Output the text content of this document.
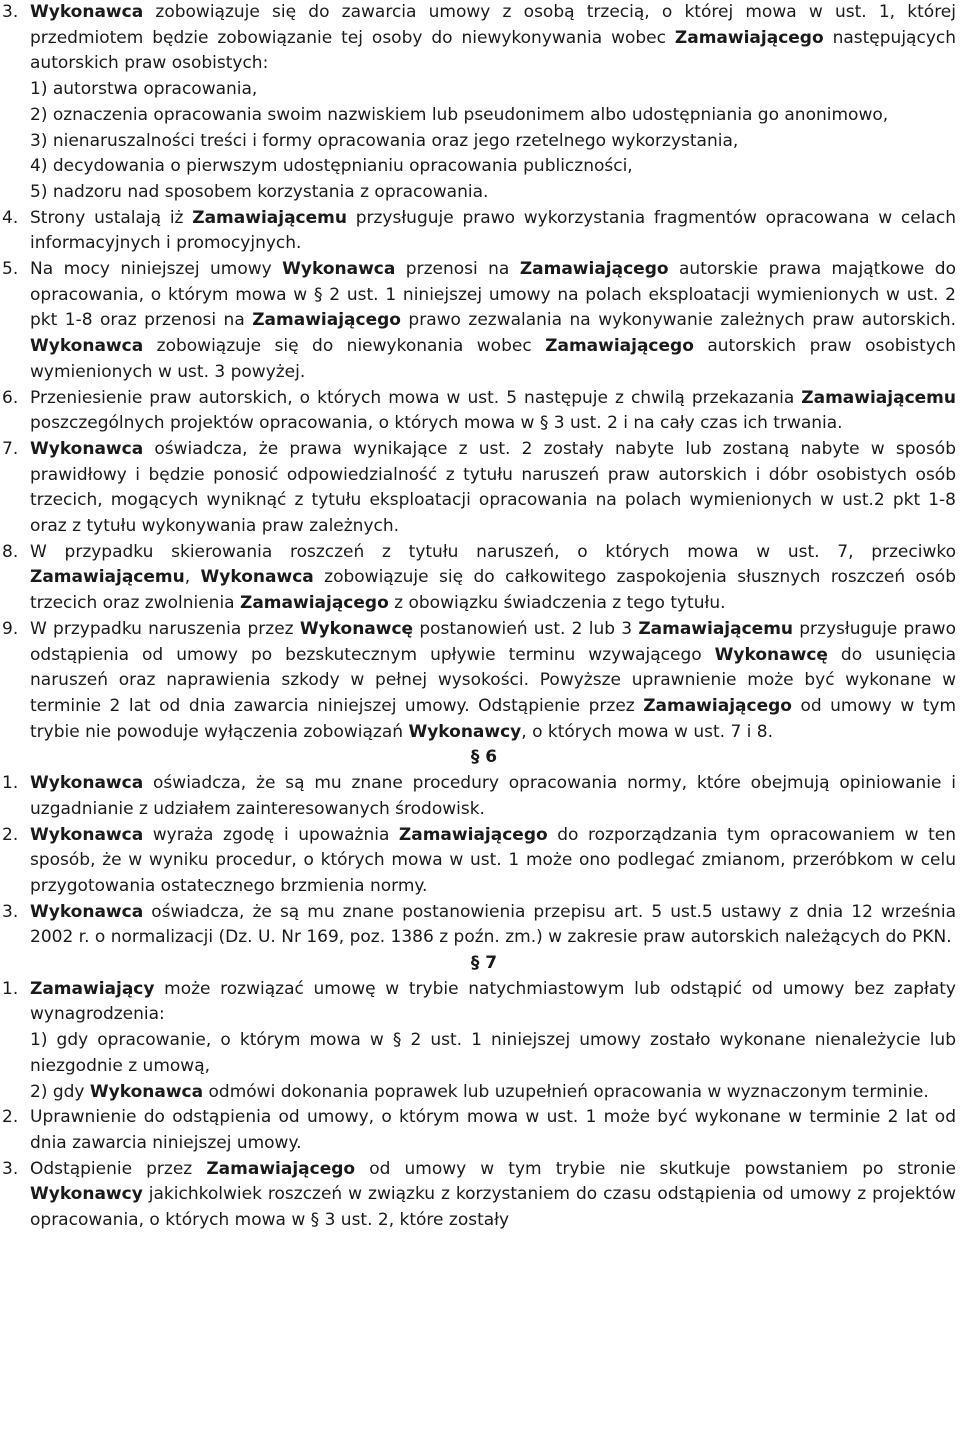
3. Wykonawca zobowiązuje się do zawarcia umowy z osobą trzecią, o której mowa w ust. 1, której przedmiotem będzie zobowiązanie tej osoby do niewykonywania wobec Zamawiającego następujących autorskich praw osobistych:
1) autorstwa opracowania,
2) oznaczenia opracowania swoim nazwiskiem lub pseudonimem albo udostępniania go anonimowo,
3) nienaruszalności treści i formy opracowania oraz jego rzetelnego wykorzystania,
4) decydowania o pierwszym udostępnianiu opracowania publiczności,
5) nadzoru nad sposobem korzystania z opracowania.
4. Strony ustalają iż Zamawiającemu przysługuje prawo wykorzystania fragmentów opracowana w celach informacyjnych i promocyjnych.
5. Na mocy niniejszej umowy Wykonawca przenosi na Zamawiającego autorskie prawa majątkowe do opracowania, o którym mowa w § 2 ust. 1 niniejszej umowy na polach eksploatacji wymienionych w ust. 2 pkt 1-8 oraz przenosi na Zamawiającego prawo zezwalania na wykonywanie zależnych praw autorskich. Wykonawca zobowiązuje się do niewykonania wobec Zamawiającego autorskich praw osobistych wymienionych w ust. 3 powyżej.
6. Przeniesienie praw autorskich, o których mowa w ust. 5 następuje z chwilą przekazania Zamawiającemu poszczególnych projektów opracowania, o których mowa w § 3 ust. 2 i na cały czas ich trwania.
7. Wykonawca oświadcza, że prawa wynikające z ust. 2 zostały nabyte lub zostaną nabyte w sposób prawidłowy i będzie ponosić odpowiedzialność z tytułu naruszeń praw autorskich i dóbr osobistych osób trzecich, mogących wyniknąć z tytułu eksploatacji opracowania na polach wymienionych w ust.2 pkt 1-8 oraz z tytułu wykonywania praw zależnych.
8. W przypadku skierowania roszczeń z tytułu naruszeń, o których mowa w ust. 7, przeciwko Zamawiającemu, Wykonawca zobowiązuje się do całkowitego zaspokojenia słusznych roszczeń osób trzecich oraz zwolnienia Zamawiającego z obowiązku świadczenia z tego tytułu.
9. W przypadku naruszenia przez Wykonawcę postanowień ust. 2 lub 3 Zamawiającemu przysługuje prawo odstąpienia od umowy po bezskutecznym upływie terminu wzywającego Wykonawcę do usunięcia naruszeń oraz naprawienia szkody w pełnej wysokości. Powyższe uprawnienie może być wykonane w terminie 2 lat od dnia zawarcia niniejszej umowy. Odstąpienie przez Zamawiającego od umowy w tym trybie nie powoduje wyłączenia zobowiązań Wykonawcy, o których mowa w ust. 7 i 8.
§ 6
1. Wykonawca oświadcza, że są mu znane procedury opracowania normy, które obejmują opiniowanie i uzgadnianie z udziałem zainteresowanych środowisk.
2. Wykonawca wyraża zgodę i upoważnia Zamawiającego do rozporządzania tym opracowaniem w ten sposób, że w wyniku procedur, o których mowa w ust. 1 może ono podlegać zmianom, przeróbkom w celu przygotowania ostatecznego brzmienia normy.
3. Wykonawca oświadcza, że są mu znane postanowienia przepisu art. 5 ust.5 ustawy z dnia 12 września 2002 r. o normalizacji (Dz. U. Nr 169, poz. 1386 z poźn. zm.) w zakresie praw autorskich należących do PKN.
§ 7
1. Zamawiający może rozwiązać umowę w trybie natychmiastowym lub odstąpić od umowy bez zapłaty wynagrodzenia:
1) gdy opracowanie, o którym mowa w § 2 ust. 1 niniejszej umowy zostało wykonane nienależycie lub niezgodnie z umową,
2) gdy Wykonawca odmówi dokonania poprawek lub uzupełnień opracowania w wyznaczonym terminie.
2. Uprawnienie do odstąpienia od umowy, o którym mowa w ust. 1 może być wykonane w terminie 2 lat od dnia zawarcia niniejszej umowy.
3. Odstąpienie przez Zamawiającego od umowy w tym trybie nie skutkuje powstaniem po stronie Wykonawcy jakichkolwiek roszczeń w związku z korzystaniem do czasu odstąpienia od umowy z projektów opracowania, o których mowa w § 3 ust. 2, które zostały
